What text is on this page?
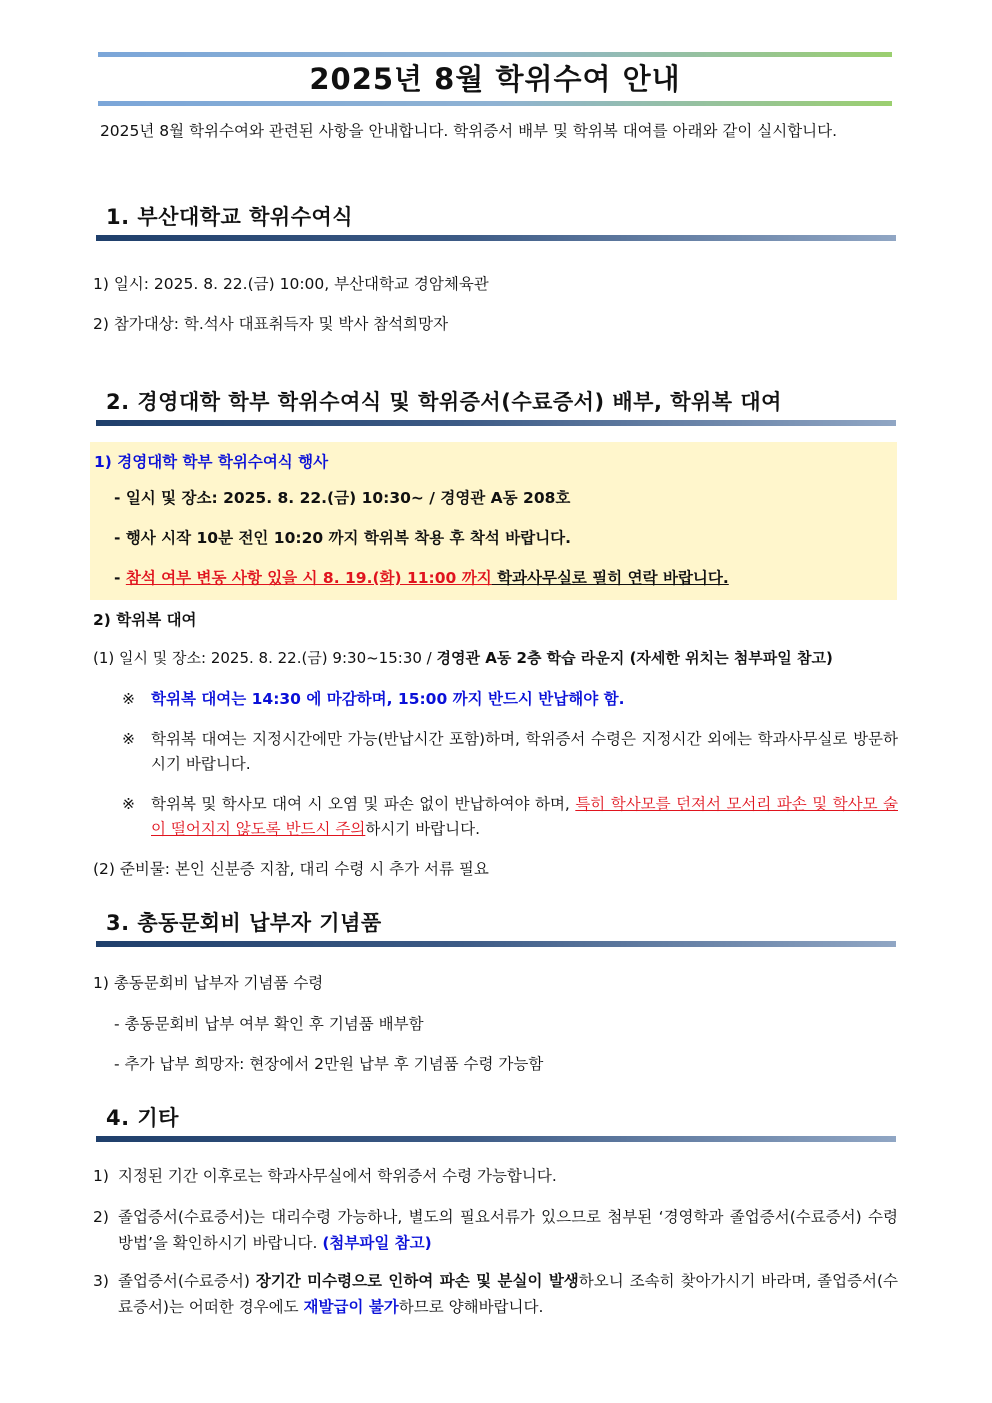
2025년 8월 학위수여 안내
2025년 8월 학위수여와 관련된 사항을 안내합니다. 학위증서 배부 및 학위복 대여를 아래와 같이 실시합니다.
1. 부산대학교 학위수여식
1) 일시: 2025. 8. 22.(금) 10:00, 부산대학교 경암체육관
2) 참가대상: 학.석사 대표취득자 및 박사 참석희망자
2. 경영대학 학부 학위수여식 및 학위증서(수료증서) 배부, 학위복 대여
1) 경영대학 학부 학위수여식 행사
- 일시 및 장소: 2025. 8. 22.(금) 10:30~ / 경영관 A동 208호
- 행사 시작 10분 전인 10:20 까지 학위복 착용 후 착석 바랍니다.
- 참석 여부 변동 사항 있을 시 8. 19.(화) 11:00 까지 학과사무실로 필히 연락 바랍니다.
2) 학위복 대여
(1) 일시 및 장소: 2025. 8. 22.(금) 9:30~15:30 / 경영관 A동 2층 학습 라운지 (자세한 위치는 첨부파일 참고)
※ 학위복 대여는 14:30 에 마감하며, 15:00 까지 반드시 반납해야 함.
※ 학위복 대여는 지정시간에만 가능(반납시간 포함)하며, 학위증서 수령은 지정시간 외에는 학과사무실로 방문하시기 바랍니다.
※ 학위복 및 학사모 대여 시 오염 및 파손 없이 반납하여야 하며, 특히 학사모를 던져서 모서리 파손 및 학사모 술이 떨어지지 않도록 반드시 주의하시기 바랍니다.
(2) 준비물: 본인 신분증 지참, 대리 수령 시 추가 서류 필요
3. 총동문회비 납부자 기념품
1) 총동문회비 납부자 기념품 수령
- 총동문회비 납부 여부 확인 후 기념품 배부함
- 추가 납부 희망자: 현장에서 2만원 납부 후 기념품 수령 가능함
4. 기타
1) 지정된 기간 이후로는 학과사무실에서 학위증서 수령 가능합니다.
2) 졸업증서(수료증서)는 대리수령 가능하나, 별도의 필요서류가 있으므로 첨부된 ‘경영학과 졸업증서(수료증서) 수령 방법’을 확인하시기 바랍니다. (첨부파일 참고)
3) 졸업증서(수료증서) 장기간 미수령으로 인하여 파손 및 분실이 발생하오니 조속히 찾아가시기 바라며, 졸업증서(수료증서)는 어떠한 경우에도 재발급이 불가하므로 양해바랍니다.
